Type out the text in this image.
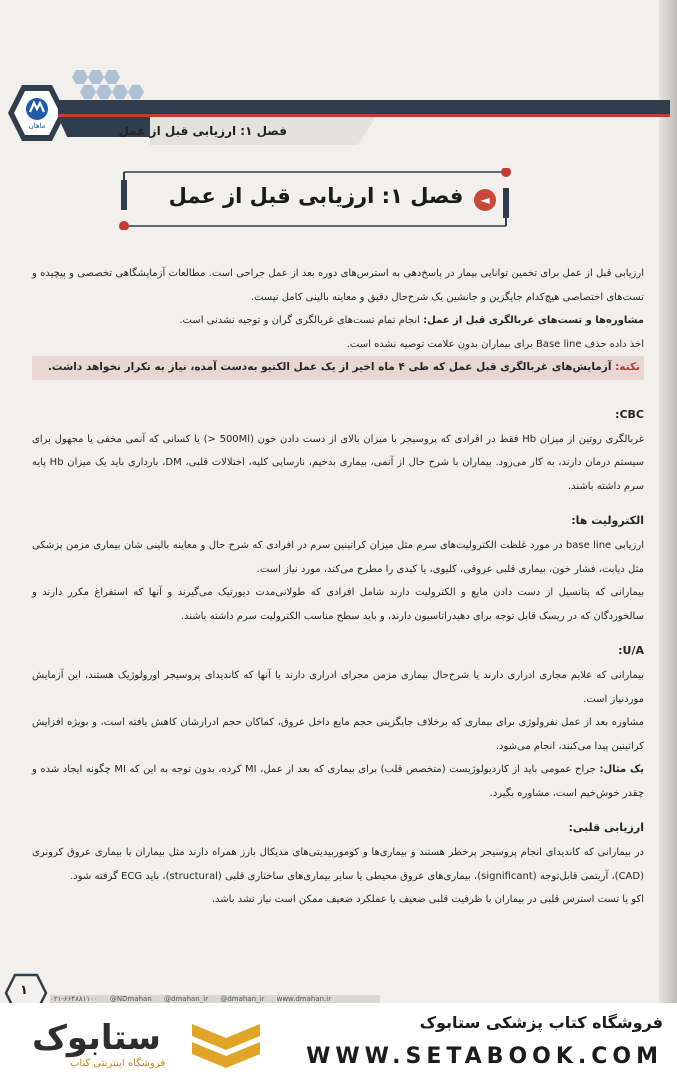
ماهان	فصل ۱: ارزیابی قبل از عمل
◄
فصل ۱: ارزیابی قبل از عمل

ارزیابی قبل از عمل برای تخمین توانایی بیمار در پاسخ‌دهی به استرس‌های دوره بعد از عمل جراحی است. مطالعات آزمایشگاهی تخصصی و پیچیده و تست‌های اختصاصی هیچ‌کدام جایگزین و جانشین یک شرح‌حال دقیق و معاینه بالینی کامل نیست.

مشاوره‌ها و تست‌های غربالگری قبل از عمل: انجام تمام تست‌های غربالگری گران و توجیه نشدنی است.

اخذ داده حذف Base line برای بیماران بدون علامت توصیه نشده است.

نکته: آزمایش‌های غربالگری قبل عمل که طی ۴ ماه اخیر از یک عمل الکتیو به‌دست آمده، نیاز به تکرار نخواهد داشت.

CBC:

غربالگری روتین از میزان Hb فقط در افرادی که پروسیجر با میزان بالای از دست دادن خون (500Ml <) یا کسانی که آنمی مخفی یا مجهول برای سیستم درمان دارند، به کار می‌رود. بیماران با شرح حال از آنمی، بیماری بدخیم، نارسایی کلیه، اختلالات قلبی، DM، بارداری باید یک میزان Hb پایه سرم داشته باشند.

الکترولیت ها:

ارزیابی base line در مورد غلظت الکترولیت‌های سرم مثل میزان کراتینین سرم در افرادی که شرح حال و معاینه بالینی شان بیماری مزمن پزشکی مثل دیابت، فشار خون، بیماری قلبی عروقی، کلیوی، یا کبدی را مطرح می‌کند، مورد نیاز است.

بیمارانی که پتانسیل از دست دادن مایع و الکترولیت دارند شامل افرادی که طولانی‌مدت دیورتیک می‌گیرند و آنها که استفراغ مکرر دارند و سالخوردگان که در ریسک قابل توجه برای دهیدراتاسیون دارند، و باید سطح مناسب الکترولیت سرم داشته باشند.

U/A:

بیمارانی که علایم مجاری ادراری دارند یا شرح‌حال بیماری مزمن مجرای ادراری دارند یا آنها که کاندیدای پروسیجر اورولوژیک هستند، این آزمایش موردنیاز است.

مشاوره بعد از عمل نفرولوژی برای بیماری که برخلاف جایگزینی حجم مایع داخل عروق، کماکان حجم ادرارشان کاهش یافته است، و بویژه افزایش کراتینین پیدا می‌کنند، انجام می‌شود.

یک مثال: جراح عمومی باید از کاردیولوژیست (متخصص قلب) برای بیماری که بعد از عمل، MI کرده، بدون توجه به این که MI چگونه ایجاد شده و چقدر خوش‌خیم است، مشاوره بگیرد.

ارزیابی قلبی:

در بیمارانی که کاندیدای انجام پروسیجر پرخطر هستند و بیماری‌ها و کوموربیدیتی‌های مدیکال بارز همراه دارند مثل بیماران با بیماری عروق کرونری (CAD)، آریتمی قابل‌توجه (significant)، بیماری‌های عروق محیطی یا سایر بیماری‌های ساختاری قلبی (structural)، باید ECG گرفته شود.

اکو یا تست استرس قلبی در بیماران با ظرفیت قلبی ضعیف یا عملکرد ضعیف ممکن است نیاز نشد باشد.

۱
۰۲۱-۶۶۴۸۸۱۱۰۰ @NDmahan @dmahan_ir @dmahan_ir www.dmahan.ir
ستابوک
فروشگاه اینترنتی کتاب
فروشگاه کتاب پزشکی ستابوک
WWW.SETABOOK.COM
